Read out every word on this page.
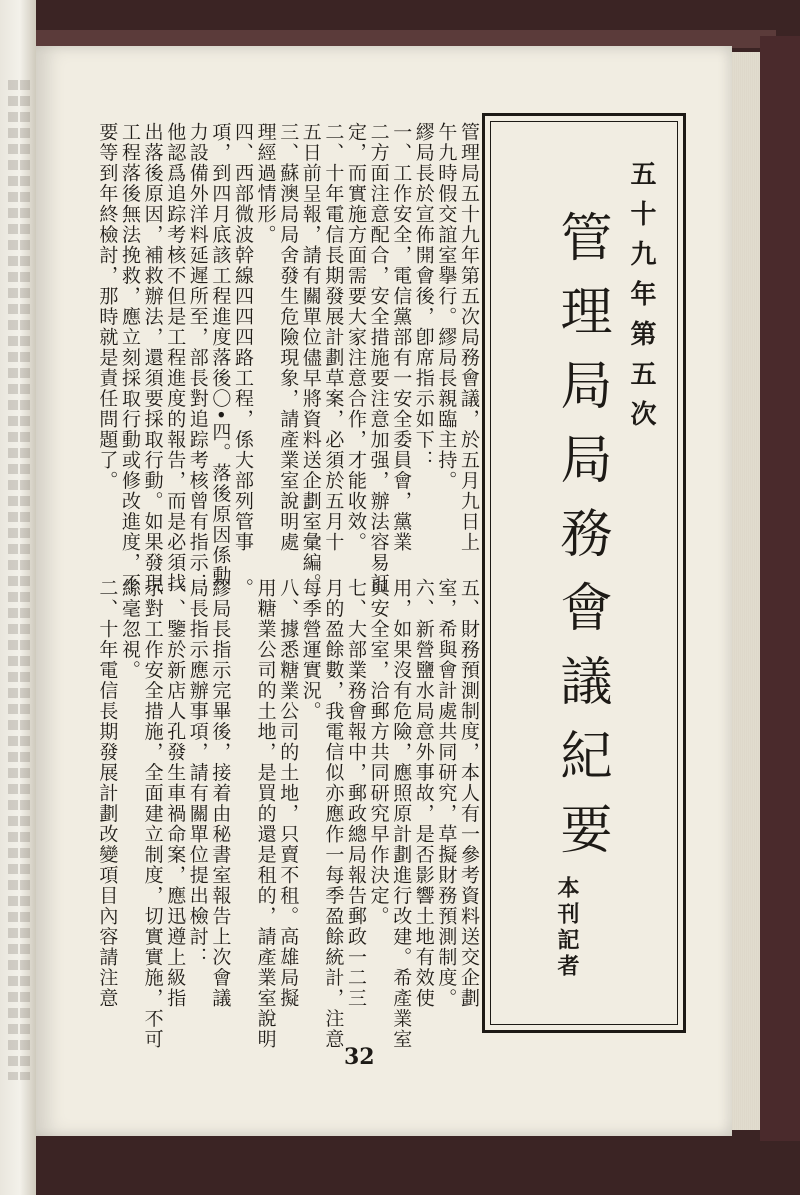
五十九年第五次
管理局局務會議紀要
本刊記者
管理局五十九年第五次局務會議，於五月九日上
午九時假交誼室擧行。繆局長親臨主持。
繆局長於宣佈開會後，卽席指示如下：
一、工作安全，電信黨部有一安全委員會，黨業
二方面注意配合，安全措施要注意加强，辦法容易訂
定，而實施方面需要大家注意合作，才能收效。
二、十年電信長期發展計劃草案，必須於五月十
五日前呈報，請有關單位儘早將資料送企劃室彙編。
三、蘇澳局局舍發生危險現象，請產業室說明處
理經過情形。
四、西部微波幹線四四四路工程，係大部列管事
項，到四月底該工程進度落後〇•四。落後原因係動
力設備外洋料延遲所至，部長對追踪考核曾有指示：
他認爲追踪考核不但是工程進度的報告，而是必須找
出落後原因，補救辦法，還須要採取行動。如果發現
工程落後無法挽救，應立刻採取行動或修改進度，不
要等到年終檢討，那時就是責任問題了。
五、財務預測制度，本人有一參考資料送交企劃
室，希與會計處共同研究，草擬財務預測制度。
六、新營鹽水局意外事故，是否影響土地有效使
用，如果沒有危險，應照原計劃進行改建。希產業室
與安全室，洽郵方共同研究早作決定。
七、大部業務會報中，郵政總局報告郵政一二三
月的盈餘數，我電信似亦應作一每季盈餘統計，注意
每季營運實況。
八、據悉糖業公司的土地，只賣不租。高雄局擬
用糖業公司的土地，是買的還是租的，請產業室說明
。
繆局長指示完畢後，接着由秘書室報告上次會議
局長指示應辦事項，請有關單位提出檢討：
一、鑒於新店人孔發生車禍命案，應迅遵上級指
示對工作安全措施，全面建立制度，切實實施，不可
絲毫忽視。
二、十年電信長期發展計劃改變項目內容請注意
32
